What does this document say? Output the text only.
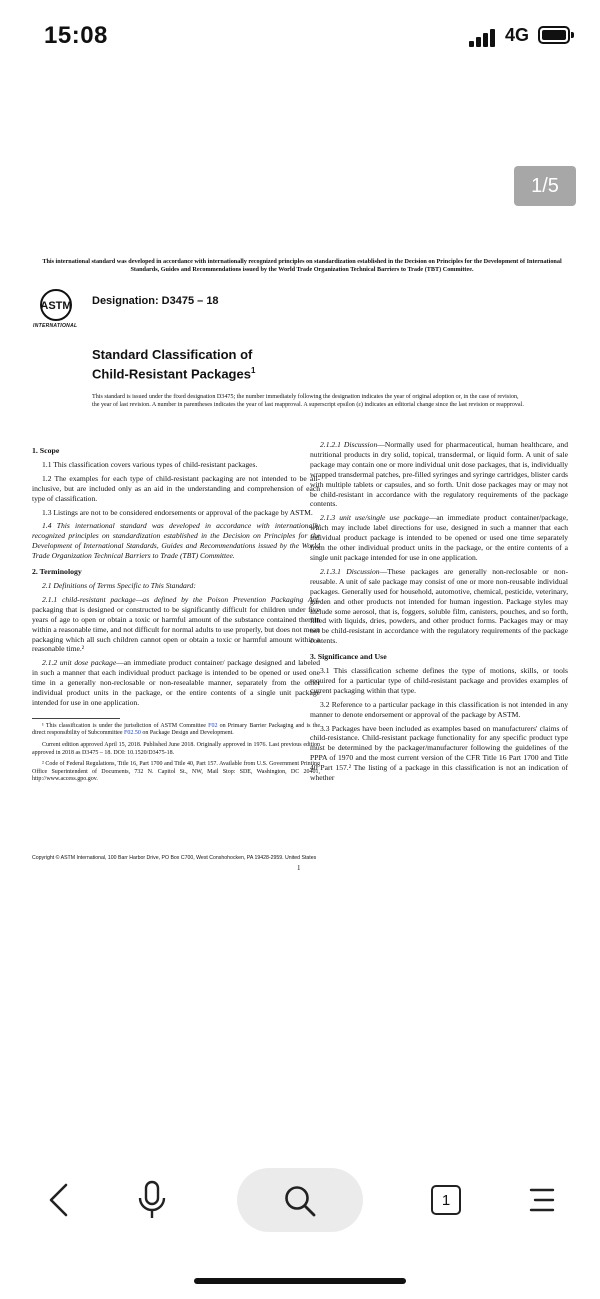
15:08	4G
1/5
This international standard was developed in accordance with internationally recognized principles on standardization established in the Decision on Principles for the Development of International Standards, Guides and Recommendations issued by the World Trade Organization Technical Barriers to Trade (TBT) Committee.
ASTM
INTERNATIONAL
Designation: D3475 – 18
Standard Classification of
Child-Resistant Packages$^1$
This standard is issued under the fixed designation D3475; the number immediately following the designation indicates the year of original adoption or, in the case of revision, the year of last revision. A number in parentheses indicates the year of last reapproval. A superscript epsilon (ε) indicates an editorial change since the last revision or reapproval.
1. Scope

1.1 This classification covers various types of child-resistant packages.

1.2 The examples for each type of child-resistant packaging are not intended to be all-inclusive, but are included only as an aid in the understanding and comprehension of each type of classification.

1.3 Listings are not to be considered endorsements or approval of the package by ASTM.

1.4 This international standard was developed in accordance with internationally recognized principles on standardization established in the Decision on Principles for the Development of International Standards, Guides and Recommendations issued by the World Trade Organization Technical Barriers to Trade (TBT) Committee.

2. Terminology

2.1 Definitions of Terms Specific to This Standard:

2.1.1 child-resistant package—as defined by the Poison Prevention Packaging Act, packaging that is designed or constructed to be significantly difficult for children under five years of age to open or obtain a toxic or harmful amount of the substance contained therein within a reasonable time, and not difficult for normal adults to use properly, but does not mean packaging which all such children cannot open or obtain a toxic or harmful amount within a reasonable time.²

2.1.2 unit dose package—an immediate product container/ package designed and labeled in such a manner that each individual product package is intended to be opened or used one time in a generally non-reclosable or non-resealable manner, separately from the other individual product units in the package, or the entire contents of a single unit package intended for use in one application.

¹ This classification is under the jurisdiction of ASTM Committee F02 on Primary Barrier Packaging and is the direct responsibility of Subcommittee F02.50 on Package Design and Development.

Current edition approved April 15, 2018. Published June 2018. Originally approved in 1976. Last previous edition approved in 2018 as D3475 – 18. DOI: 10.1520/D3475-18.

² Code of Federal Regulations, Title 16, Part 1700 and Title 40, Part 157. Available from U.S. Government Printing Office Superintendent of Documents, 732 N. Capitol St., NW, Mail Stop: SDE, Washington, DC 20401, http://www.access.gpo.gov.

2.1.2.1 Discussion—Normally used for pharmaceutical, human healthcare, and nutritional products in dry solid, topical, transdermal, or liquid form. A unit of sale package may contain one or more individual unit dose packages, that is, individually wrapped transdermal patches, pre-filled syringes and syringe cartridges, blister cards with multiple tablets or capsules, and so forth. Unit dose packages may or may not be child-resistant in accordance with the regulatory requirements of the package contents.

2.1.3 unit use/single use package—an immediate product container/package, which may include label directions for use, designed in such a manner that each individual product package is intended to be opened or used one time separately from the other individual product units in the package, or the entire contents of a single unit package intended for use in one application.

2.1.3.1 Discussion—These packages are generally non-reclosable or non-reusable. A unit of sale package may consist of one or more non-reusable individual packages. Generally used for household, automotive, chemical, pesticide, veterinary, garden and other products not intended for human ingestion. Package styles may include some aerosol, that is, foggers, soluble film, canisters, pouches, and so forth, filled with liquids, dries, powders, and other product forms. Packages may or may not be child-resistant in accordance with the regulatory requirements of the package contents.

3. Significance and Use

3.1 This classification scheme defines the type of motions, skills, or tools required for a particular type of child-resistant package and provides examples of current packaging within that type.

3.2 Reference to a particular package in this classification is not intended in any manner to denote endorsement or approval of the package by ASTM.

3.3 Packages have been included as examples based on manufacturers' claims of child-resistance. Child-resistant package functionality for any specific product type must be determined by the packager/manufacturer following the guidelines of the PPPA of 1970 and the most current version of the CFR Title 16 Part 1700 and Title 40 Part 157.² The listing of a package in this classification is not an indication of whether

Copyright © ASTM International, 100 Barr Harbor Drive, PO Box C700, West Conshohocken, PA 19428-2959. United States
1
1
